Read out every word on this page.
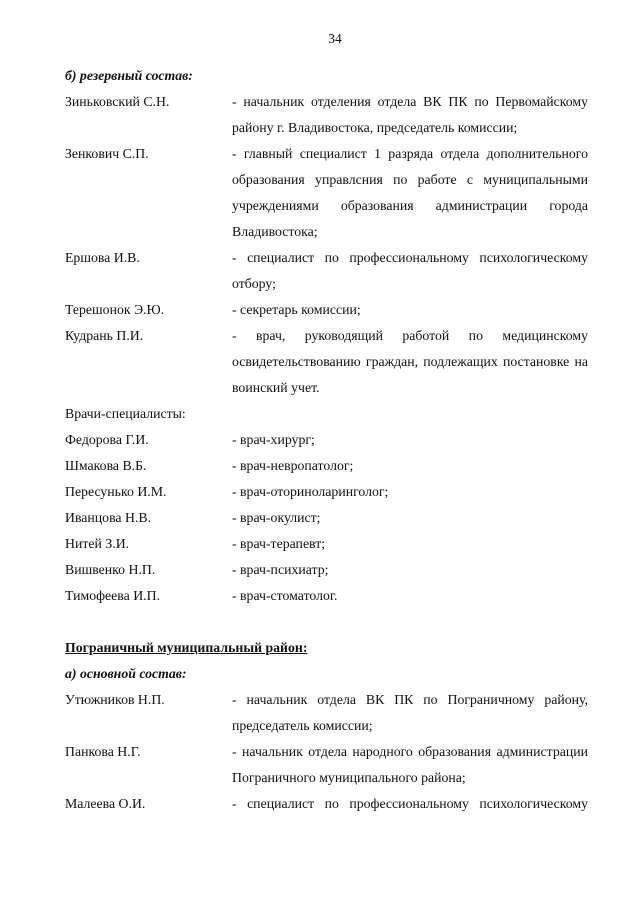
34
б) резервный состав:
Зиньковский С.Н.	- начальник отделения отдела ВК ПК по Первомайскому району г. Владивостока, председатель комиссии;
Зенкович С.П.	- главный специалист 1 разряда отдела дополнительного образования управлсния по работе с муниципальными учреждениями образования администрации города Владивостока;
Ершова И.В.	- специалист по профессиональному психологическому отбору;
Терешонок Э.Ю.	- секретарь комиссии;
Кудрань П.И.	- врач, руководящий работой по медицинскому освидетельствованию граждан, подлежащих постановке на воинский учет.
Врачи-специалисты:
Федорова Г.И.	- врач-хирург;
Шмакова В.Б.	- врач-невропатолог;
Пересунько И.М.	- врач-оториноларинголог;
Иванцова Н.В.	- врач-окулист;
Нитей З.И.	- врач-терапевт;
Вишвенко Н.П.	- врач-психиатр;
Тимофеева И.П.	- врач-стоматолог.
Пограничный муниципальный район:
а) основной состав:
Утюжников Н.П.	- начальник отдела ВК ПК по Пограничному району, председатель комиссии;
Панкова Н.Г.	- начальник отдела народного образования администрации Пограничного муниципального района;
Малеева О.И.	- специалист по профессиональному психологическому
